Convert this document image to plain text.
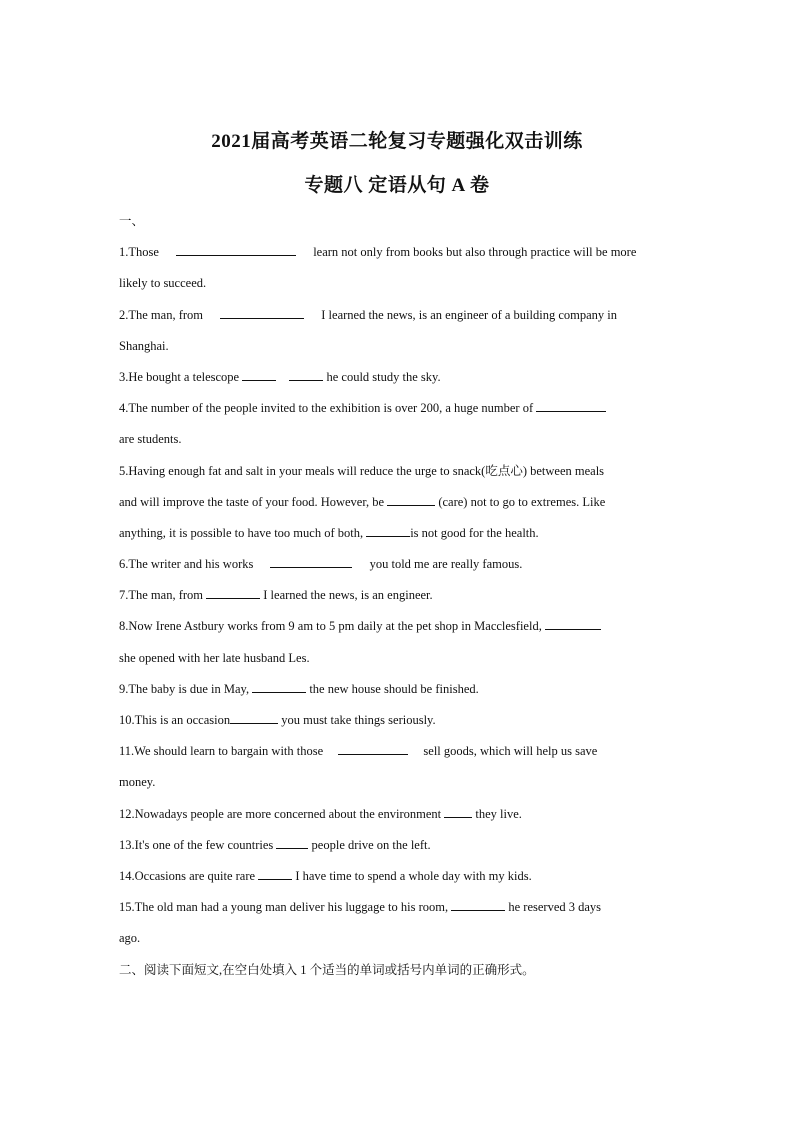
2021届高考英语二轮复习专题强化双击训练
专题八 定语从句 A 卷
一、
1.Those	learn not only from books but also through practice will be more
likely to succeed.
2.The man, from	I learned the news, is an engineer of a building company in
Shanghai.
3.He bought a telescope	he could study the sky.
4.The number of the people invited to the exhibition is over 200, a huge number of
are students.
5.Having enough fat and salt in your meals will reduce the urge to snack(吃点心) between meals
and will improve the taste of your food. However, be	(care) not to go to extremes. Like
anything, it is possible to have too much of both,	is not good for the health.
6.The writer and his works	you told me are really famous.
7.The man, from	I learned the news, is an engineer.
8.Now Irene Astbury works from 9 am to 5 pm daily at the pet shop in Macclesfield,
she opened with her late husband Les.
9.The baby is due in May,	the new house should be finished.
10.This is an occasion	you must take things seriously.
11.We should learn to bargain with those	sell goods, which will help us save
money.
12.Nowadays people are more concerned about the environment	they live.
13.It's one of the few countries	people drive on the left.
14.Occasions are quite rare	I have time to spend a whole day with my kids.
15.The old man had a young man deliver his luggage to his room,	he reserved 3 days
ago.
二、阅读下面短文,在空白处填入 1 个适当的单词或括号内单词的正确形式。
